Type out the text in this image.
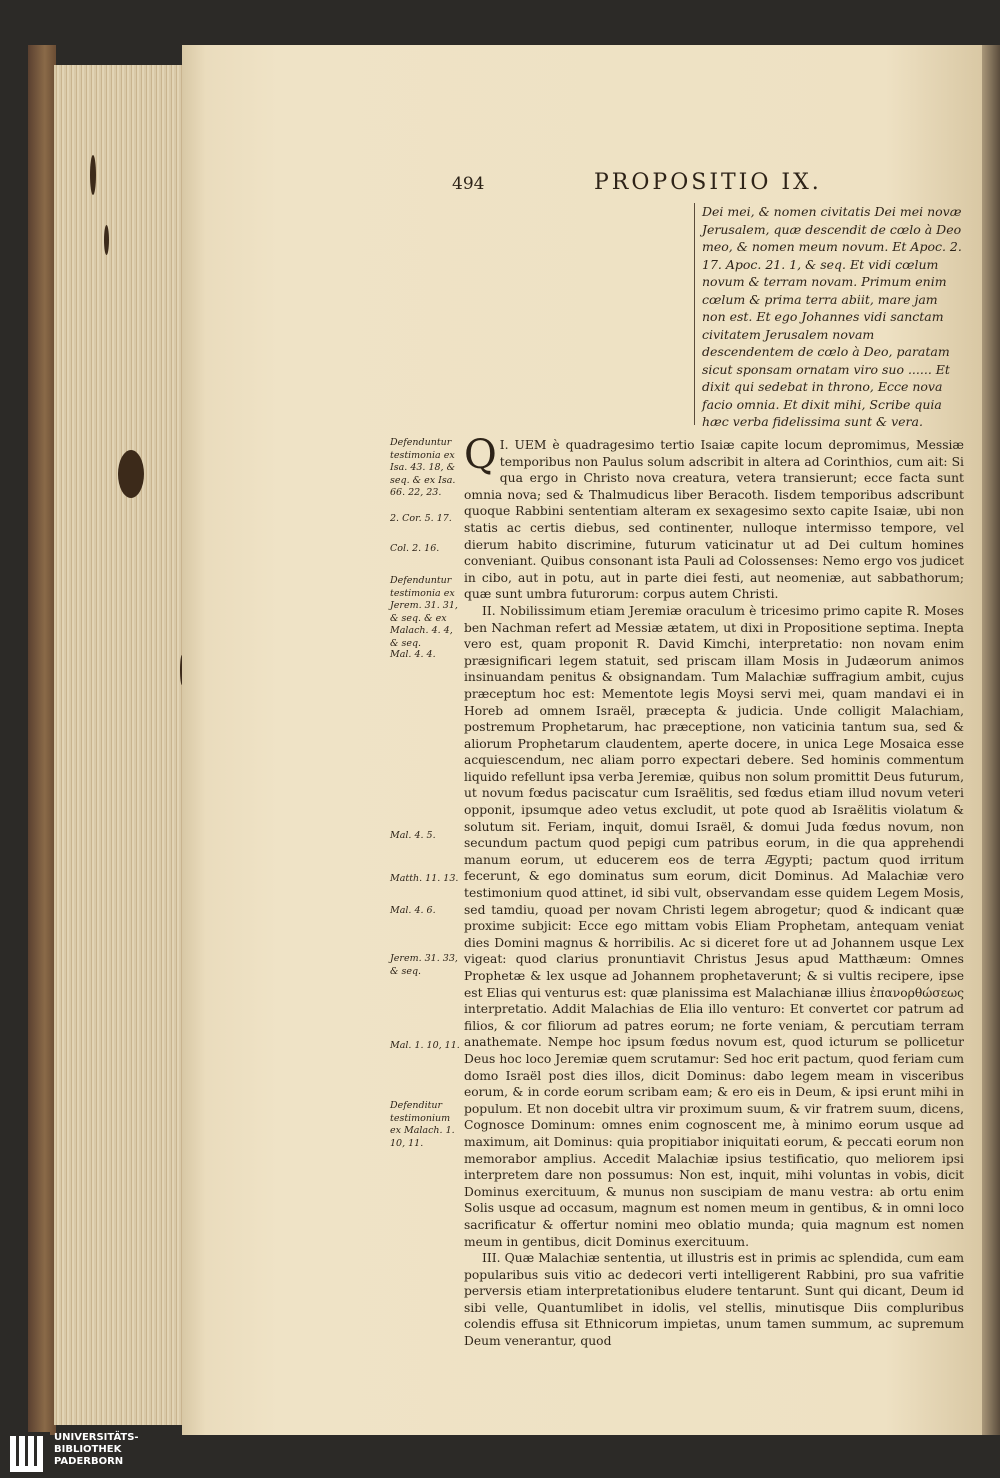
494	PROPOSITIO IX.
Dei mei, & nomen civitatis Dei mei novæ Jerusalem, quæ descendit de cœlo à Deo meo, & nomen meum novum. Et Apoc. 2. 17. Apoc. 21. 1, & seq. Et vidi cœlum novum & terram novam. Primum enim cœlum & prima terra abiit, mare jam non est. Et ego Johannes vidi sanctam civitatem Jerusalem novam descendentem de cœlo à Deo, paratam sicut sponsam ornatam viro suo ...... Et dixit qui sedebat in throno, Ecce nova facio omnia. Et dixit mihi, Scribe quia hæc verba fidelissima sunt & vera.
Defenduntur testimonia ex Isa. 43. 18, & seq. & ex Isa. 66. 22, 23.
2. Cor. 5. 17.
Col. 2. 16.
Defenduntur testimonia ex Jerem. 31. 31, & seq. & ex Malach. 4. 4, & seq.
Mal. 4. 4.
Mal. 4. 5.
Matth. 11. 13.
Mal. 4. 6.
Jerem. 31. 33, & seq.
Mal. 1. 10, 11.
Defenditur testimonium ex Malach. 1. 10, 11.

Q I. UEM è quadragesimo tertio Isaiæ capite locum depromimus, Messiæ temporibus non Paulus solum adscribit in altera ad Corinthios, cum ait: Si qua ergo in Christo nova creatura, vetera transierunt; ecce facta sunt omnia nova; sed & Thalmudicus liber Beracoth. Iisdem temporibus adscribunt quoque Rabbini sententiam alteram ex sexagesimo sexto capite Isaiæ, ubi non statis ac certis diebus, sed continenter, nulloque intermisso tempore, vel dierum habito discrimine, futurum vaticinatur ut ad Dei cultum homines conveniant. Quibus consonant ista Pauli ad Colossenses: Nemo ergo vos judicet in cibo, aut in potu, aut in parte diei festi, aut neomeniæ, aut sabbathorum; quæ sunt umbra futurorum: corpus autem Christi.

II. Nobilissimum etiam Jeremiæ oraculum è tricesimo primo capite R. Moses ben Nachman refert ad Messiæ ætatem, ut dixi in Propositione septima. Inepta vero est, quam proponit R. David Kimchi, interpretatio: non novam enim præsignificari legem statuit, sed priscam illam Mosis in Judæorum animos insinuandam penitus & obsignandam. Tum Malachiæ suffragium ambit, cujus præceptum hoc est: Mementote legis Moysi servi mei, quam mandavi ei in Horeb ad omnem Israël, præcepta & judicia. Unde colligit Malachiam, postremum Prophetarum, hac præceptione, non vaticinia tantum sua, sed & aliorum Prophetarum claudentem, aperte docere, in unica Lege Mosaica esse acquiescendum, nec aliam porro expectari debere. Sed hominis commentum liquido refellunt ipsa verba Jeremiæ, quibus non solum promittit Deus futurum, ut novum fœdus paciscatur cum Israëlitis, sed fœdus etiam illud novum veteri opponit, ipsumque adeo vetus excludit, ut pote quod ab Israëlitis violatum & solutum sit. Feriam, inquit, domui Israël, & domui Juda fœdus novum, non secundum pactum quod pepigi cum patribus eorum, in die qua apprehendi manum eorum, ut educerem eos de terra Ægypti; pactum quod irritum fecerunt, & ego dominatus sum eorum, dicit Dominus. Ad Malachiæ vero testimonium quod attinet, id sibi vult, observandam esse quidem Legem Mosis, sed tamdiu, quoad per novam Christi legem abrogetur; quod & indicant quæ proxime subjicit: Ecce ego mittam vobis Eliam Prophetam, antequam veniat dies Domini magnus & horribilis. Ac si diceret fore ut ad Johannem usque Lex vigeat: quod clarius pronuntiavit Christus Jesus apud Matthæum: Omnes Prophetæ & lex usque ad Johannem prophetaverunt; & si vultis recipere, ipse est Elias qui venturus est: quæ planissima est Malachianæ illius ἐπανορθώσεως interpretatio. Addit Malachias de Elia illo venturo: Et convertet cor patrum ad filios, & cor filiorum ad patres eorum; ne forte veniam, & percutiam terram anathemate. Nempe hoc ipsum fœdus novum est, quod icturum se pollicetur Deus hoc loco Jeremiæ quem scrutamur: Sed hoc erit pactum, quod feriam cum domo Israël post dies illos, dicit Dominus: dabo legem meam in visceribus eorum, & in corde eorum scribam eam; & ero eis in Deum, & ipsi erunt mihi in populum. Et non docebit ultra vir proximum suum, & vir fratrem suum, dicens, Cognosce Dominum: omnes enim cognoscent me, à minimo eorum usque ad maximum, ait Dominus: quia propitiabor iniquitati eorum, & peccati eorum non memorabor amplius. Accedit Malachiæ ipsius testificatio, quo meliorem ipsi interpretem dare non possumus: Non est, inquit, mihi voluntas in vobis, dicit Dominus exercituum, & munus non suscipiam de manu vestra: ab ortu enim Solis usque ad occasum, magnum est nomen meum in gentibus, & in omni loco sacrificatur & offertur nomini meo oblatio munda; quia magnum est nomen meum in gentibus, dicit Dominus exercituum.

III. Quæ Malachiæ sententia, ut illustris est in primis ac splendida, cum eam popularibus suis vitio ac dedecori verti intelligerent Rabbini, pro sua vafritie perversis etiam interpretationibus eludere tentarunt. Sunt qui dicant, Deum id sibi velle, Quantumlibet in idolis, vel stellis, minutisque Diis compluribus colendis effusa sit Ethnicorum impietas, unum tamen summum, ac supremum Deum venerantur, quod

UNIVERSITÄTS-
BIBLIOTHEK
PADERBORN
